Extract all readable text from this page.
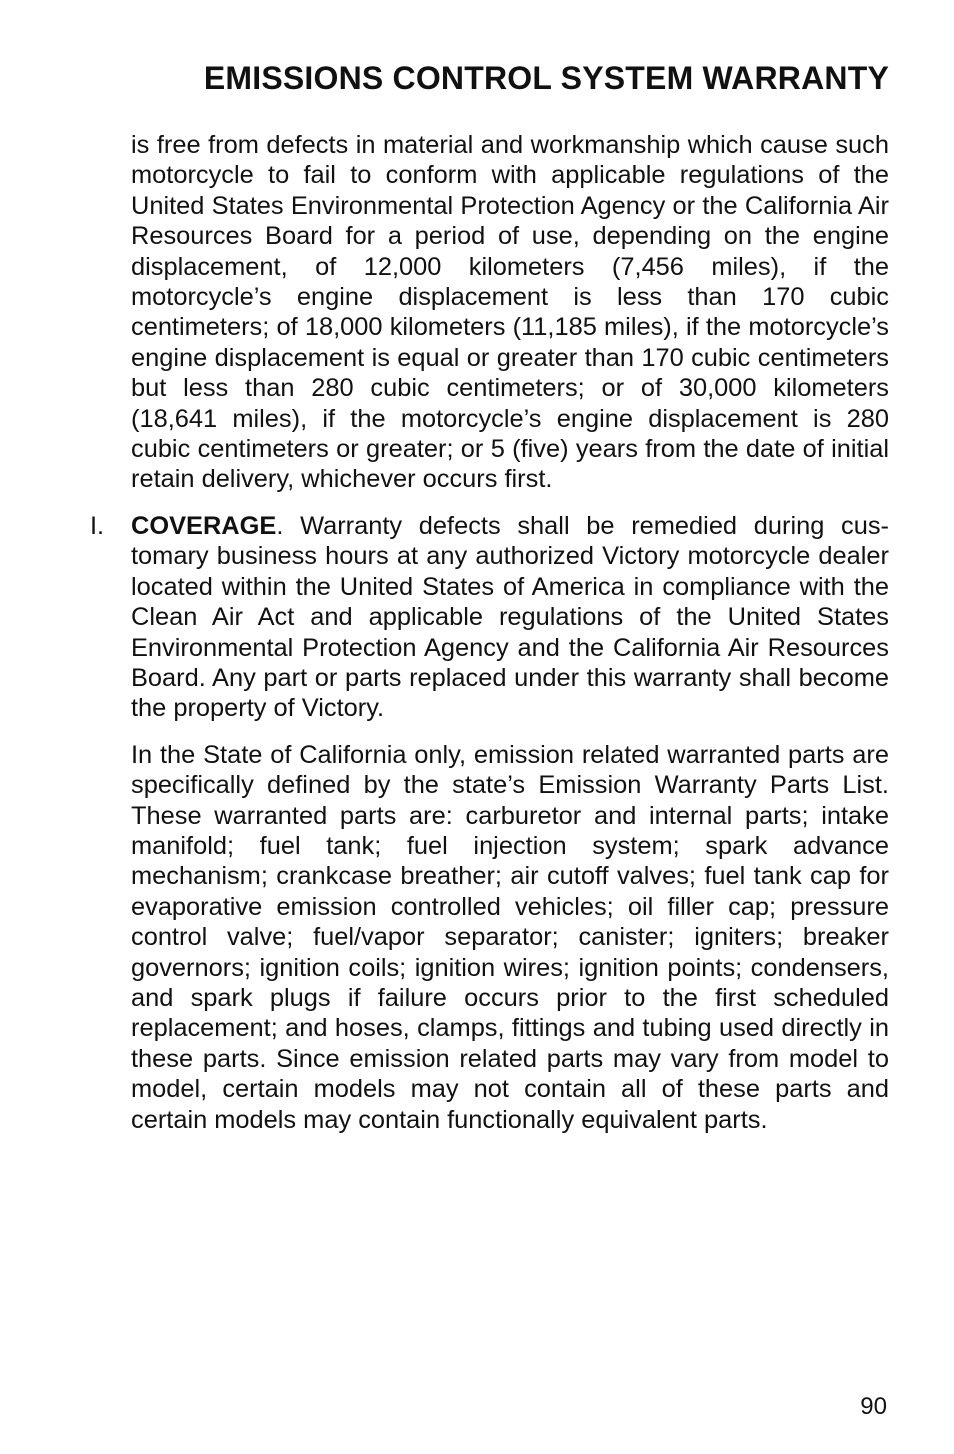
EMISSIONS CONTROL SYSTEM WARRANTY

is free from defects in material and workmanship which cause such motorcycle to fail to conform with applicable regulations of the United States Environmental Protection Agency or the California Air Resources Board for a period of use, depending on the engine displacement, of 12,000 kilometers (7,456 miles), if the motorcycle’s engine displacement is less than 170 cubic centimeters; of 18,000 kilometers (11,185 miles), if the motorcycle’s engine displacement is equal or greater than 170 cubic centimeters but less than 280 cubic centimeters; or of 30,000 kilometers (18,641 miles), if the motorcycle’s engine displacement is 280 cubic centimeters or greater; or 5 (five) years from the date of initial retain delivery, whichever occurs first.

I. COVERAGE. Warranty defects shall be remedied during customary business hours at any authorized Victory motorcycle dealer located within the United States of America in compliance with the Clean Air Act and applicable regulations of the United States Environmental Protection Agency and the California Air Resources Board. Any part or parts replaced under this warranty shall become the property of Victory.

In the State of California only, emission related warranted parts are specifically defined by the state’s Emission Warranty Parts List. These warranted parts are: carburetor and internal parts; intake manifold; fuel tank; fuel injection system; spark advance mechanism; crankcase breather; air cutoff valves; fuel tank cap for evaporative emission controlled vehicles; oil filler cap; pressure control valve; fuel/vapor separator; canister; igniters; breaker governors; ignition coils; ignition wires; ignition points; condensers, and spark plugs if failure occurs prior to the first scheduled replacement; and hoses, clamps, fittings and tubing used directly in these parts. Since emission related parts may vary from model to model, certain models may not contain all of these parts and certain models may contain functionally equivalent parts.

90
